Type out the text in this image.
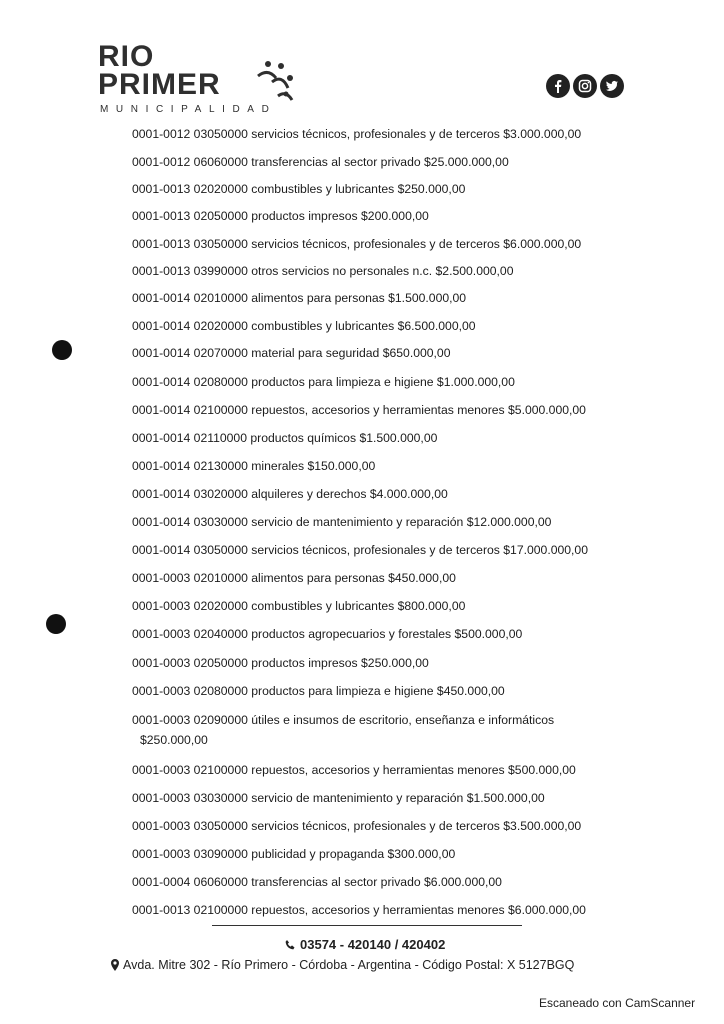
RIO
PRIMER
MUNICIPALIDAD
0001-0012 03050000 servicios técnicos, profesionales y de terceros $3.000.000,00
0001-0012 06060000 transferencias al sector privado $25.000.000,00
0001-0013 02020000 combustibles y lubricantes $250.000,00
0001-0013 02050000 productos impresos $200.000,00
0001-0013 03050000 servicios técnicos, profesionales y de terceros $6.000.000,00
0001-0013 03990000 otros servicios no personales n.c. $2.500.000,00
0001-0014 02010000 alimentos para personas $1.500.000,00
0001-0014 02020000 combustibles y lubricantes $6.500.000,00
0001-0014 02070000 material para seguridad $650.000,00
0001-0014 02080000 productos para limpieza e higiene $1.000.000,00
0001-0014 02100000 repuestos, accesorios y herramientas menores $5.000.000,00
0001-0014 02110000 productos químicos $1.500.000,00
0001-0014 02130000 minerales $150.000,00
0001-0014 03020000 alquileres y derechos $4.000.000,00
0001-0014 03030000 servicio de mantenimiento y reparación $12.000.000,00
0001-0014 03050000 servicios técnicos, profesionales y de terceros $17.000.000,00
0001-0003 02010000 alimentos para personas $450.000,00
0001-0003 02020000 combustibles y lubricantes $800.000,00
0001-0003 02040000 productos agropecuarios y forestales $500.000,00
0001-0003 02050000 productos impresos $250.000,00
0001-0003 02080000 productos para limpieza e higiene $450.000,00
0001-0003 02090000 útiles e insumos de escritorio, enseñanza e informáticos
$250.000,00
0001-0003 02100000 repuestos, accesorios y herramientas menores $500.000,00
0001-0003 03030000 servicio de mantenimiento y reparación $1.500.000,00
0001-0003 03050000 servicios técnicos, profesionales y de terceros $3.500.000,00
0001-0003 03090000 publicidad y propaganda $300.000,00
0001-0004 06060000 transferencias al sector privado $6.000.000,00
0001-0013 02100000 repuestos, accesorios y herramientas menores $6.000.000,00
03574 - 420140 / 420402
Avda. Mitre 302 - Río Primero - Córdoba - Argentina - Código Postal: X 5127BGQ
Escaneado con CamScanner
